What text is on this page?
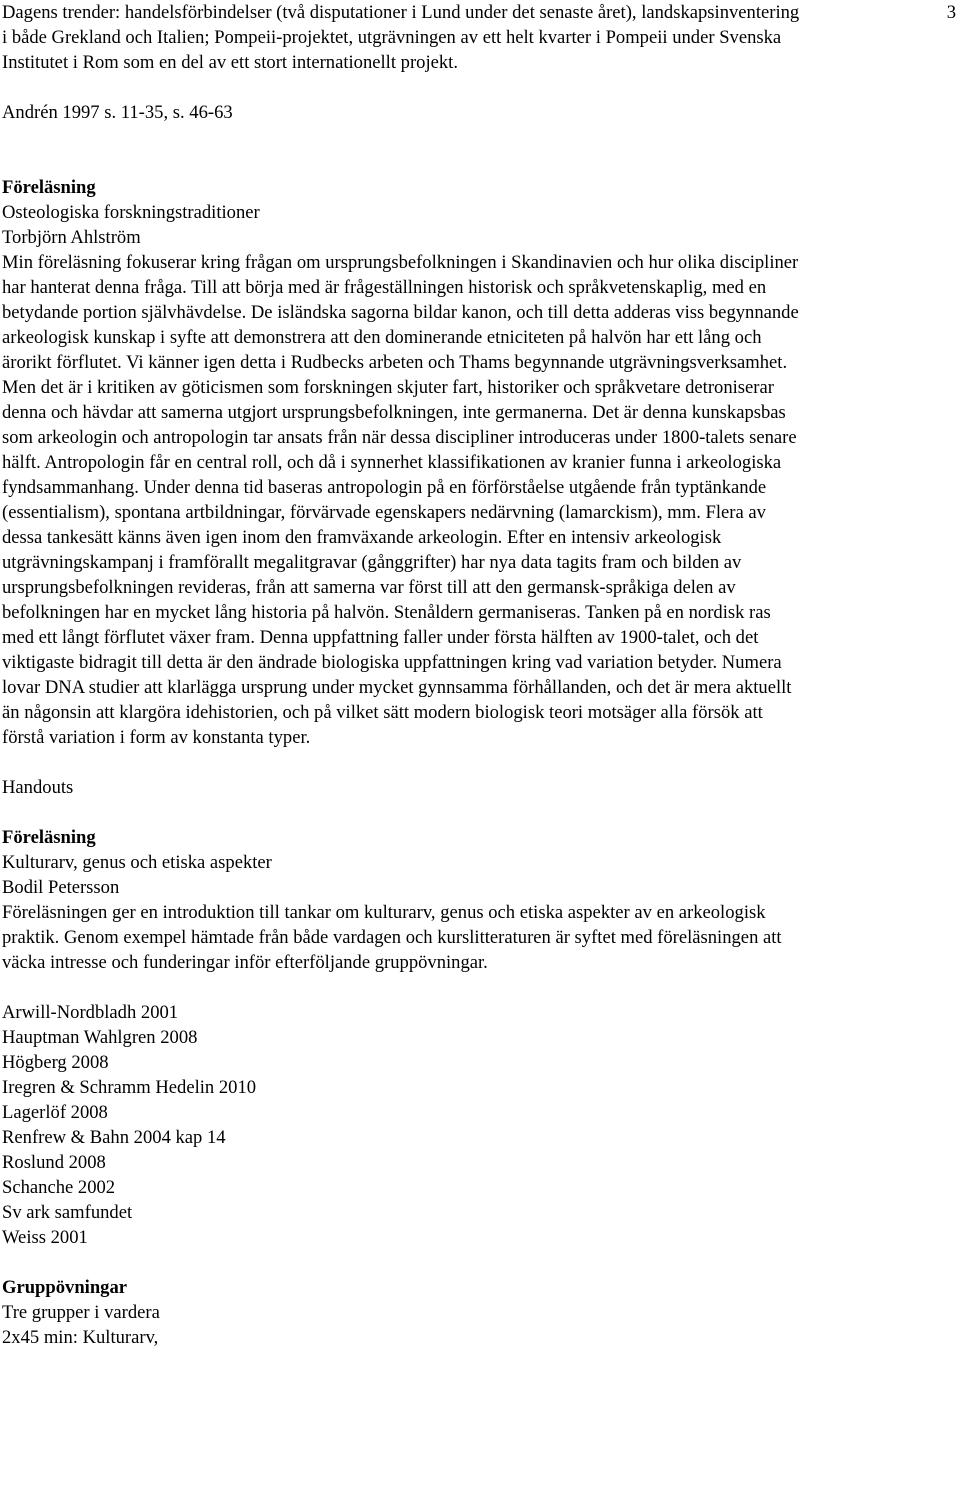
3

Dagens trender: handelsförbindelser (två disputationer i Lund under det senaste året), landskapsinventering i både Grekland och Italien; Pompeii-projektet, utgrävningen av ett helt kvarter i Pompeii under Svenska Institutet i Rom som en del av ett stort internationellt projekt.

Andrén 1997 s. 11-35, s. 46-63

Föreläsning
Osteologiska forskningstraditioner
Torbjörn Ahlström

Min föreläsning fokuserar kring frågan om ursprungsbefolkningen i Skandinavien och hur olika discipliner har hanterat denna fråga. Till att börja med är frågeställningen historisk och språkvetenskaplig, med en betydande portion självhävdelse. De isländska sagorna bildar kanon, och till detta adderas viss begynnande arkeologisk kunskap i syfte att demonstrera att den dominerande etniciteten på halvön har ett lång och ärorikt förflutet. Vi känner igen detta i Rudbecks arbeten och Thams begynnande utgrävningsverksamhet. Men det är i kritiken av göticismen som forskningen skjuter fart, historiker och språkvetare detroniserar denna och hävdar att samerna utgjort ursprungsbefolkningen, inte germanerna. Det är denna kunskapsbas som arkeologin och antropologin tar ansats från när dessa discipliner introduceras under 1800-talets senare hälft. Antropologin får en central roll, och då i synnerhet klassifikationen av kranier funna i arkeologiska fyndsammanhang. Under denna tid baseras antropologin på en förförståelse utgående från typtänkande (essentialism), spontana artbildningar, förvärvade egenskapers nedärvning (lamarckism), mm. Flera av dessa tankesätt känns även igen inom den framväxande arkeologin. Efter en intensiv arkeologisk utgrävningskampanj i framförallt megalitgravar (gånggrifter) har nya data tagits fram och bilden av ursprungsbefolkningen revideras, från att samerna var först till att den germansk-språkiga delen av befolkningen har en mycket lång historia på halvön. Stenåldern germaniseras. Tanken på en nordisk ras med ett långt förflutet växer fram. Denna uppfattning faller under första hälften av 1900-talet, och det viktigaste bidragit till detta är den ändrade biologiska uppfattningen kring vad variation betyder. Numera lovar DNA studier att klarlägga ursprung under mycket gynnsamma förhållanden, och det är mera aktuellt än någonsin att klargöra idehistorien, och på vilket sätt modern biologisk teori motsäger alla försök att förstå variation i form av konstanta typer.

Handouts
Föreläsning
Kulturarv, genus och etiska aspekter
Bodil Petersson

Föreläsningen ger en introduktion till tankar om kulturarv, genus och etiska aspekter av en arkeologisk praktik. Genom exempel hämtade från både vardagen och kurslitteraturen är syftet med föreläsningen att väcka intresse och funderingar inför efterföljande gruppövningar.

Arwill-Nordbladh 2001
Hauptman Wahlgren 2008
Högberg 2008
Iregren & Schramm Hedelin 2010
Lagerlöf 2008
Renfrew & Bahn 2004 kap 14
Roslund 2008
Schanche 2002
Sv ark samfundet
Weiss 2001
Gruppövningar
Tre grupper i vardera
2x45 min: Kulturarv,
